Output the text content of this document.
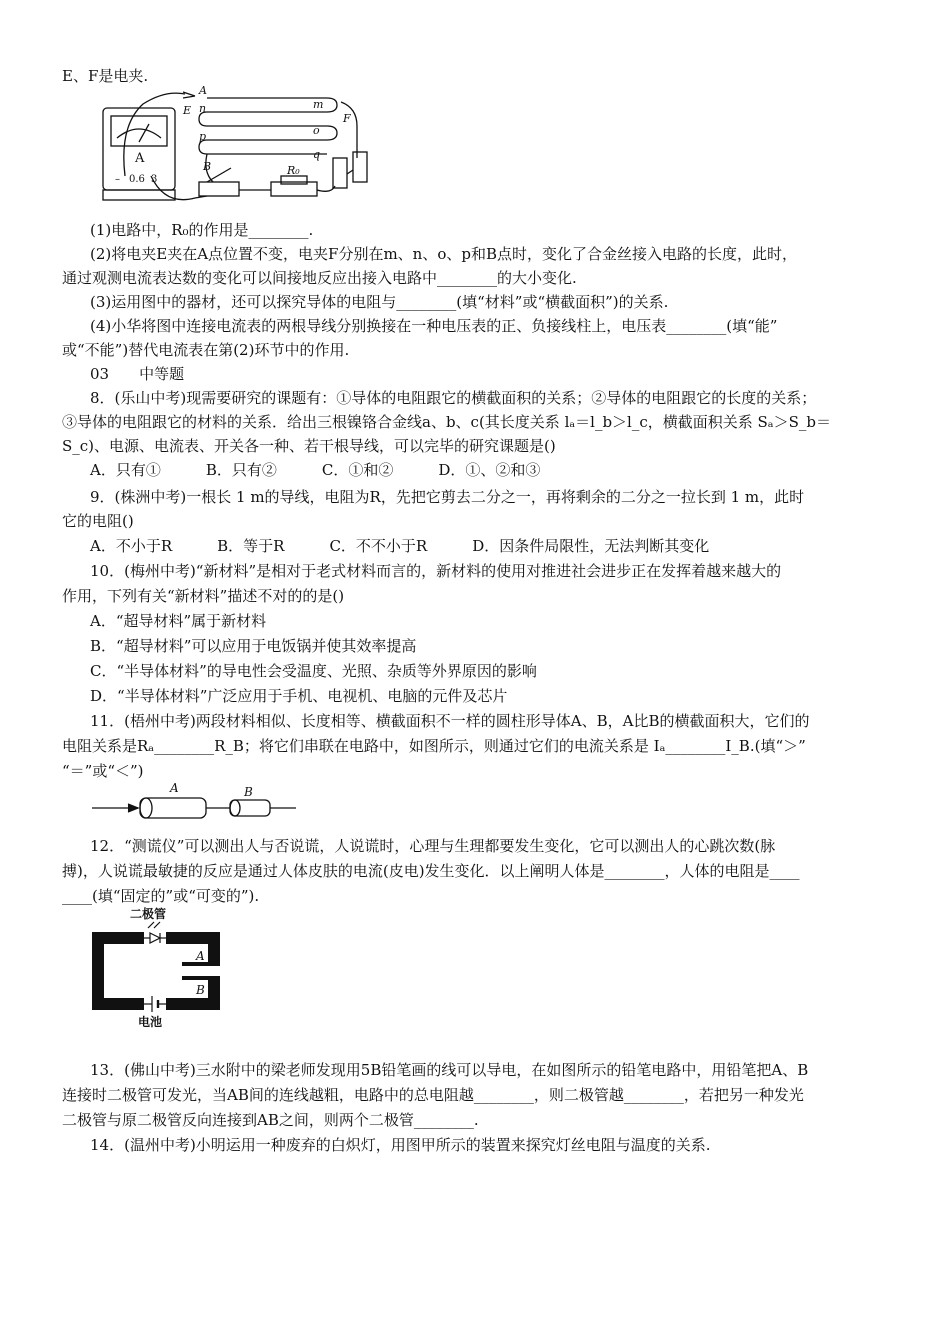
E、F是电夹.
(1)电路中，R₀的作用是________.
(2)将电夹E夹在A点位置不变，电夹F分别在m、n、o、p和B点时，变化了合金丝接入电路的长度，此时，
通过观测电流表达数的变化可以间接地反应出接入电路中________的大小变化.
(3)运用图中的器材，还可以探究导体的电阻与________(填“材料”或“横截面积”)的关系.
(4)小华将图中连接电流表的两根导线分别换接在一种电压表的正、负接线柱上，电压表________(填“能”
或“不能”)替代电流表在第(2)环节中的作用.
03　　中等题
8．(乐山中考)现需要研究的课题有：①导体的电阻跟它的横截面积的关系；②导体的电阻跟它的长度的关系；
③导体的电阻跟它的材料的关系．给出三根镍铬合金线a、b、c(其长度关系 lₐ＝l_b＞l_c，横截面积关系 Sₐ＞S_b＝
S_c)、电源、电流表、开关各一种、若干根导线，可以完毕的研究课题是()
A．只有①　　　B．只有②　　　C．①和②　　　D．①、②和③
9．(株洲中考)一根长 1 m的导线，电阻为R，先把它剪去二分之一，再将剩余的二分之一拉长到 1 m，此时
它的电阻()
A．不小于R　　　B．等于R　　　C．不不小于R　　　D．因条件局限性，无法判断其变化
10．(梅州中考)“新材料”是相对于老式材料而言的，新材料的使用对推进社会进步正在发挥着越来越大的
作用，下列有关“新材料”描述不对的的是()
A．“超导材料”属于新材料
B．“超导材料”可以应用于电饭锅并使其效率提高
C．“半导体材料”的导电性会受温度、光照、杂质等外界原因的影响
D．“半导体材料”广泛应用于手机、电视机、电脑的元件及芯片
11．(梧州中考)两段材料相似、长度相等、横截面积不一样的圆柱形导体A、B，A比B的横截面积大，它们的
电阻关系是Rₐ________R_B；将它们串联在电路中，如图所示，则通过它们的电流关系是 Iₐ________I_B.(填“＞”
“＝”或“＜”)
12．“测谎仪”可以测出人与否说谎，人说谎时，心理与生理都要发生变化，它可以测出人的心跳次数(脉
搏)，人说谎最敏捷的反应是通过人体皮肤的电流(皮电)发生变化．以上阐明人体是________，人体的电阻是____
____(填“固定的”或“可变的”).
13．(佛山中考)三水附中的梁老师发现用5B铅笔画的线可以导电，在如图所示的铅笔电路中，用铅笔把A、B
连接时二极管可发光，当AB间的连线越粗，电路中的总电阻越________，则二极管越________，若把另一种发光
二极管与原二极管反向连接到AB之间，则两个二极管________.
14．(温州中考)小明运用一种废弃的白炽灯，用图甲所示的装置来探究灯丝电阻与温度的关系.
A
E n
p
B
m
F
o
q
R₀
A
– 0.6 3
A	B
二极管
A
B
电池
